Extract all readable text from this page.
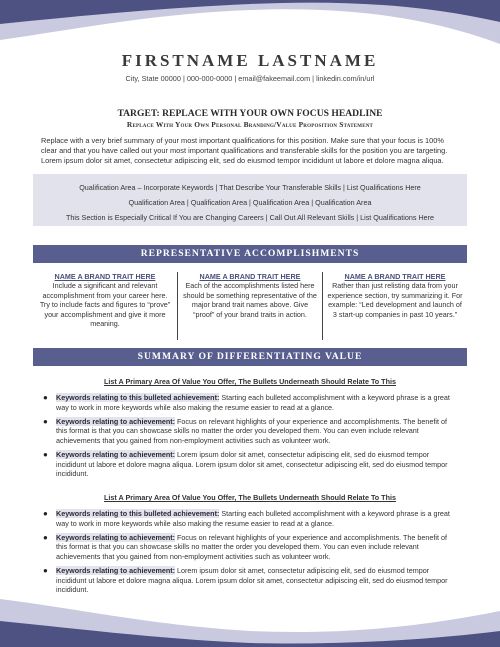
FIRSTNAME LASTNAME
City, State 00000 | 000-000-0000 | email@fakeemail.com | linkedin.com/in/url
TARGET: REPLACE WITH YOUR OWN FOCUS HEADLINE
Replace With Your Own Personal Branding/Value Proposition Statement
Replace with a very brief summary of your most important qualifications for this position. Make sure that your focus is 100% clear and that you have called out your most important qualifications and transferable skills for the position you are targeting. Lorem ipsum dolor sit amet, consectetur adipiscing elit, sed do eiusmod tempor incididunt ut labore et dolore magna aliqua.
Qualification Area – Incorporate Keywords | That Describe Your Transferable Skills | List Qualifications Here
Qualification Area | Qualification Area | Qualification Area | Qualification Area
This Section is Especially Critical If You are Changing Careers | Call Out All Relevant Skills | List Qualifications Here
REPRESENTATIVE ACCOMPLISHMENTS
NAME A BRAND TRAIT HERE
Include a significant and relevant accomplishment from your career here. Try to include facts and figures to “prove” your accomplishment and give it more meaning.
NAME A BRAND TRAIT HERE
Each of the accomplishments listed here should be something representative of the major brand trait names above. Give “proof” of your brand traits in action.
NAME A BRAND TRAIT HERE
Rather than just relisting data from your experience section, try summarizing it. For example: “Led development and launch of 3 start-up companies in past 10 years.”
SUMMARY OF DIFFERENTIATING VALUE
List A Primary Area Of Value You Offer, The Bullets Underneath Should Relate To This
● Keywords relating to this bulleted achievement: Starting each bulleted accomplishment with a keyword phrase is a great way to work in more keywords while also making the resume easier to read at a glance.
● Keywords relating to achievement: Focus on relevant highlights of your experience and accomplishments. The benefit of this format is that you can showcase skills no matter the order you developed them. You can even include relevant achievements that you gained from non-employment activities such as volunteer work.
● Keywords relating to achievement: Lorem ipsum dolor sit amet, consectetur adipiscing elit, sed do eiusmod tempor incididunt ut labore et dolore magna aliqua. Lorem ipsum dolor sit amet, consectetur adipiscing elit, sed do eiusmod tempor incididunt.
List A Primary Area Of Value You Offer, The Bullets Underneath Should Relate To This
● Keywords relating to this bulleted achievement: Starting each bulleted accomplishment with a keyword phrase is a great way to work in more keywords while also making the resume easier to read at a glance.
● Keywords relating to achievement: Focus on relevant highlights of your experience and accomplishments. The benefit of this format is that you can showcase skills no matter the order you developed them. You can even include relevant achievements that you gained from non-employment activities such as volunteer work.
● Keywords relating to achievement: Lorem ipsum dolor sit amet, consectetur adipiscing elit, sed do eiusmod tempor incididunt ut labore et dolore magna aliqua. Lorem ipsum dolor sit amet, consectetur adipiscing elit, sed do eiusmod tempor incididunt.
